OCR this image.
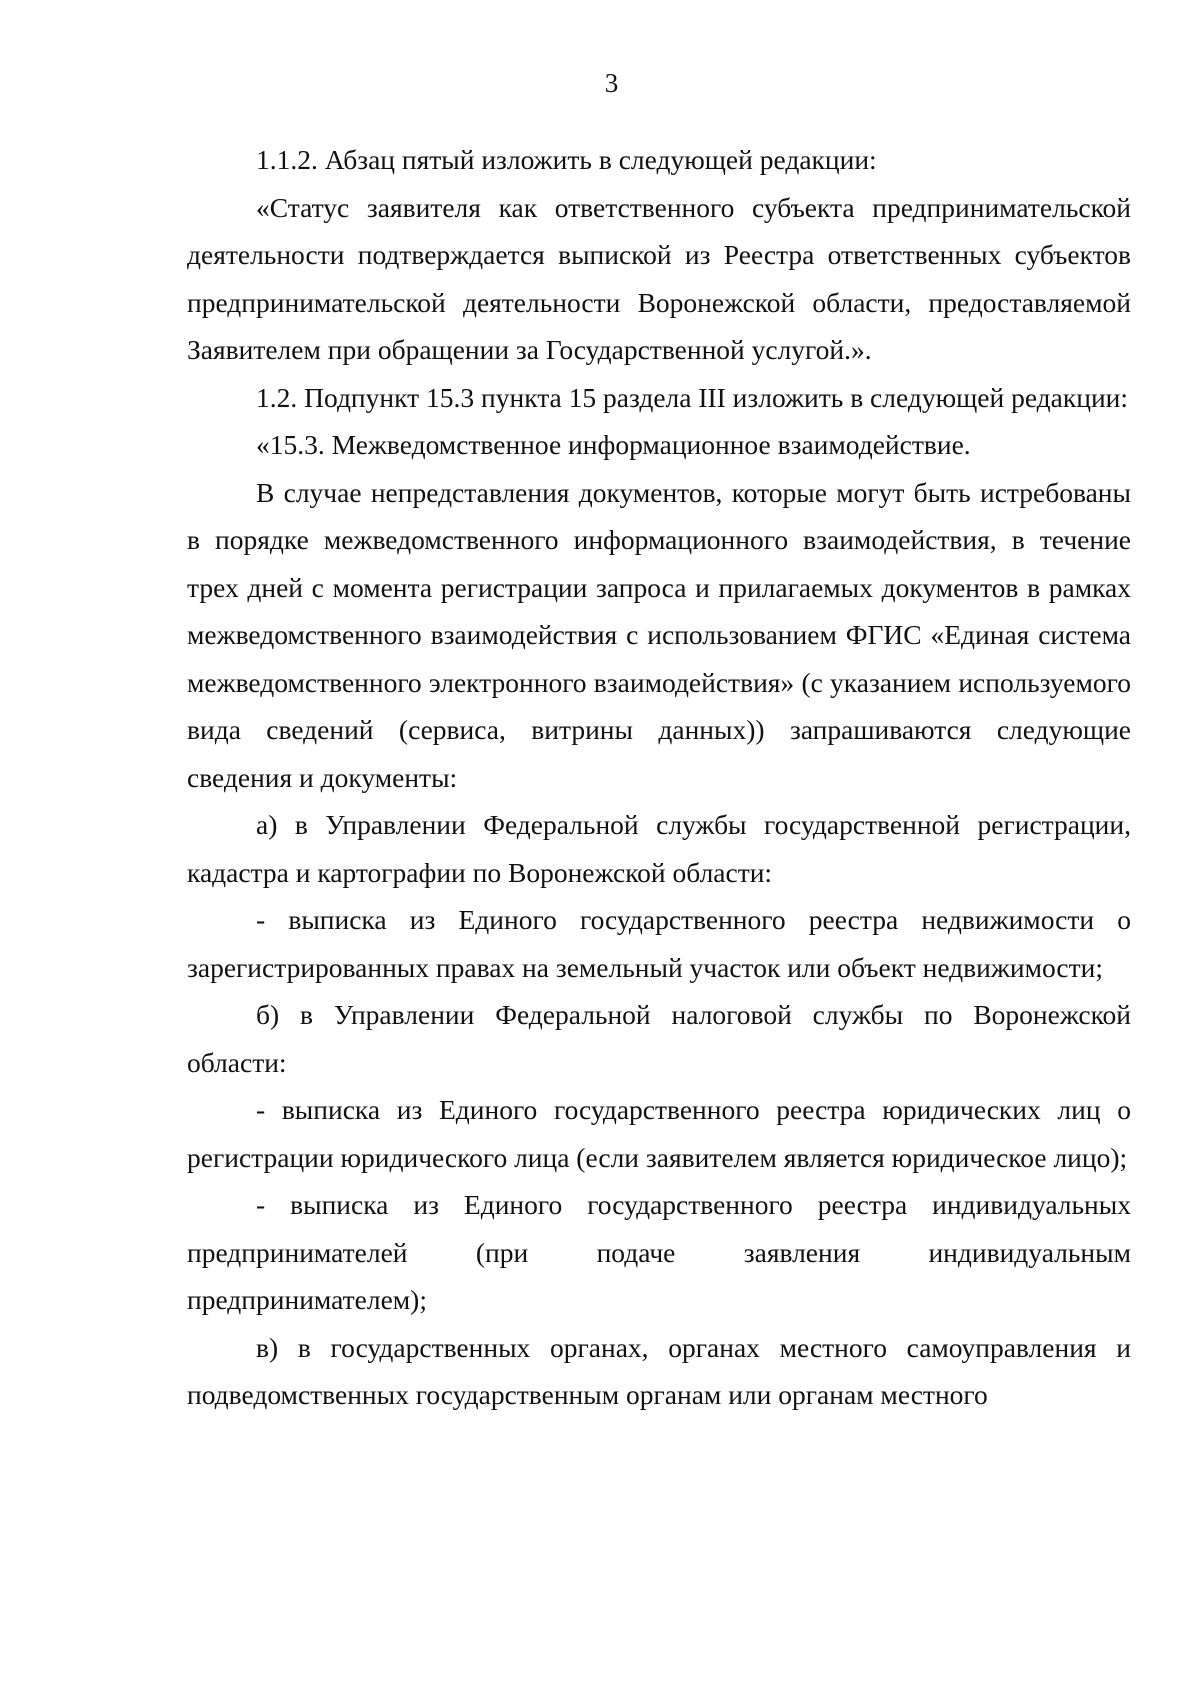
3

1.1.2. Абзац пятый изложить в следующей редакции:

«Статус заявителя как ответственного субъекта предпринимательской деятельности подтверждается выпиской из Реестра ответственных субъектов предпринимательской деятельности Воронежской области, предоставляемой Заявителем при обращении за Государственной услугой.».

1.2. Подпункт 15.3 пункта 15 раздела III изложить в следующей редакции:

«15.3. Межведомственное информационное взаимодействие.

В случае непредставления документов, которые могут быть истребованы в порядке межведомственного информационного взаимодействия, в течение трех дней с момента регистрации запроса и прилагаемых документов в рамках межведомственного взаимодействия с использованием ФГИС «Единая система межведомственного электронного взаимодействия» (с указанием используемого вида сведений (сервиса, витрины данных)) запрашиваются следующие сведения и документы:

а) в Управлении Федеральной службы государственной регистрации, кадастра и картографии по Воронежской области:

- выписка из Единого государственного реестра недвижимости о зарегистрированных правах на земельный участок или объект недвижимости;

б) в Управлении Федеральной налоговой службы по Воронежской области:

- выписка из Единого государственного реестра юридических лиц о регистрации юридического лица (если заявителем является юридическое лицо);

- выписка из Единого государственного реестра индивидуальных предпринимателей (при подаче заявления индивидуальным предпринимателем);

в) в государственных органах, органах местного самоуправления и подведомственных государственным органам или органам местного
